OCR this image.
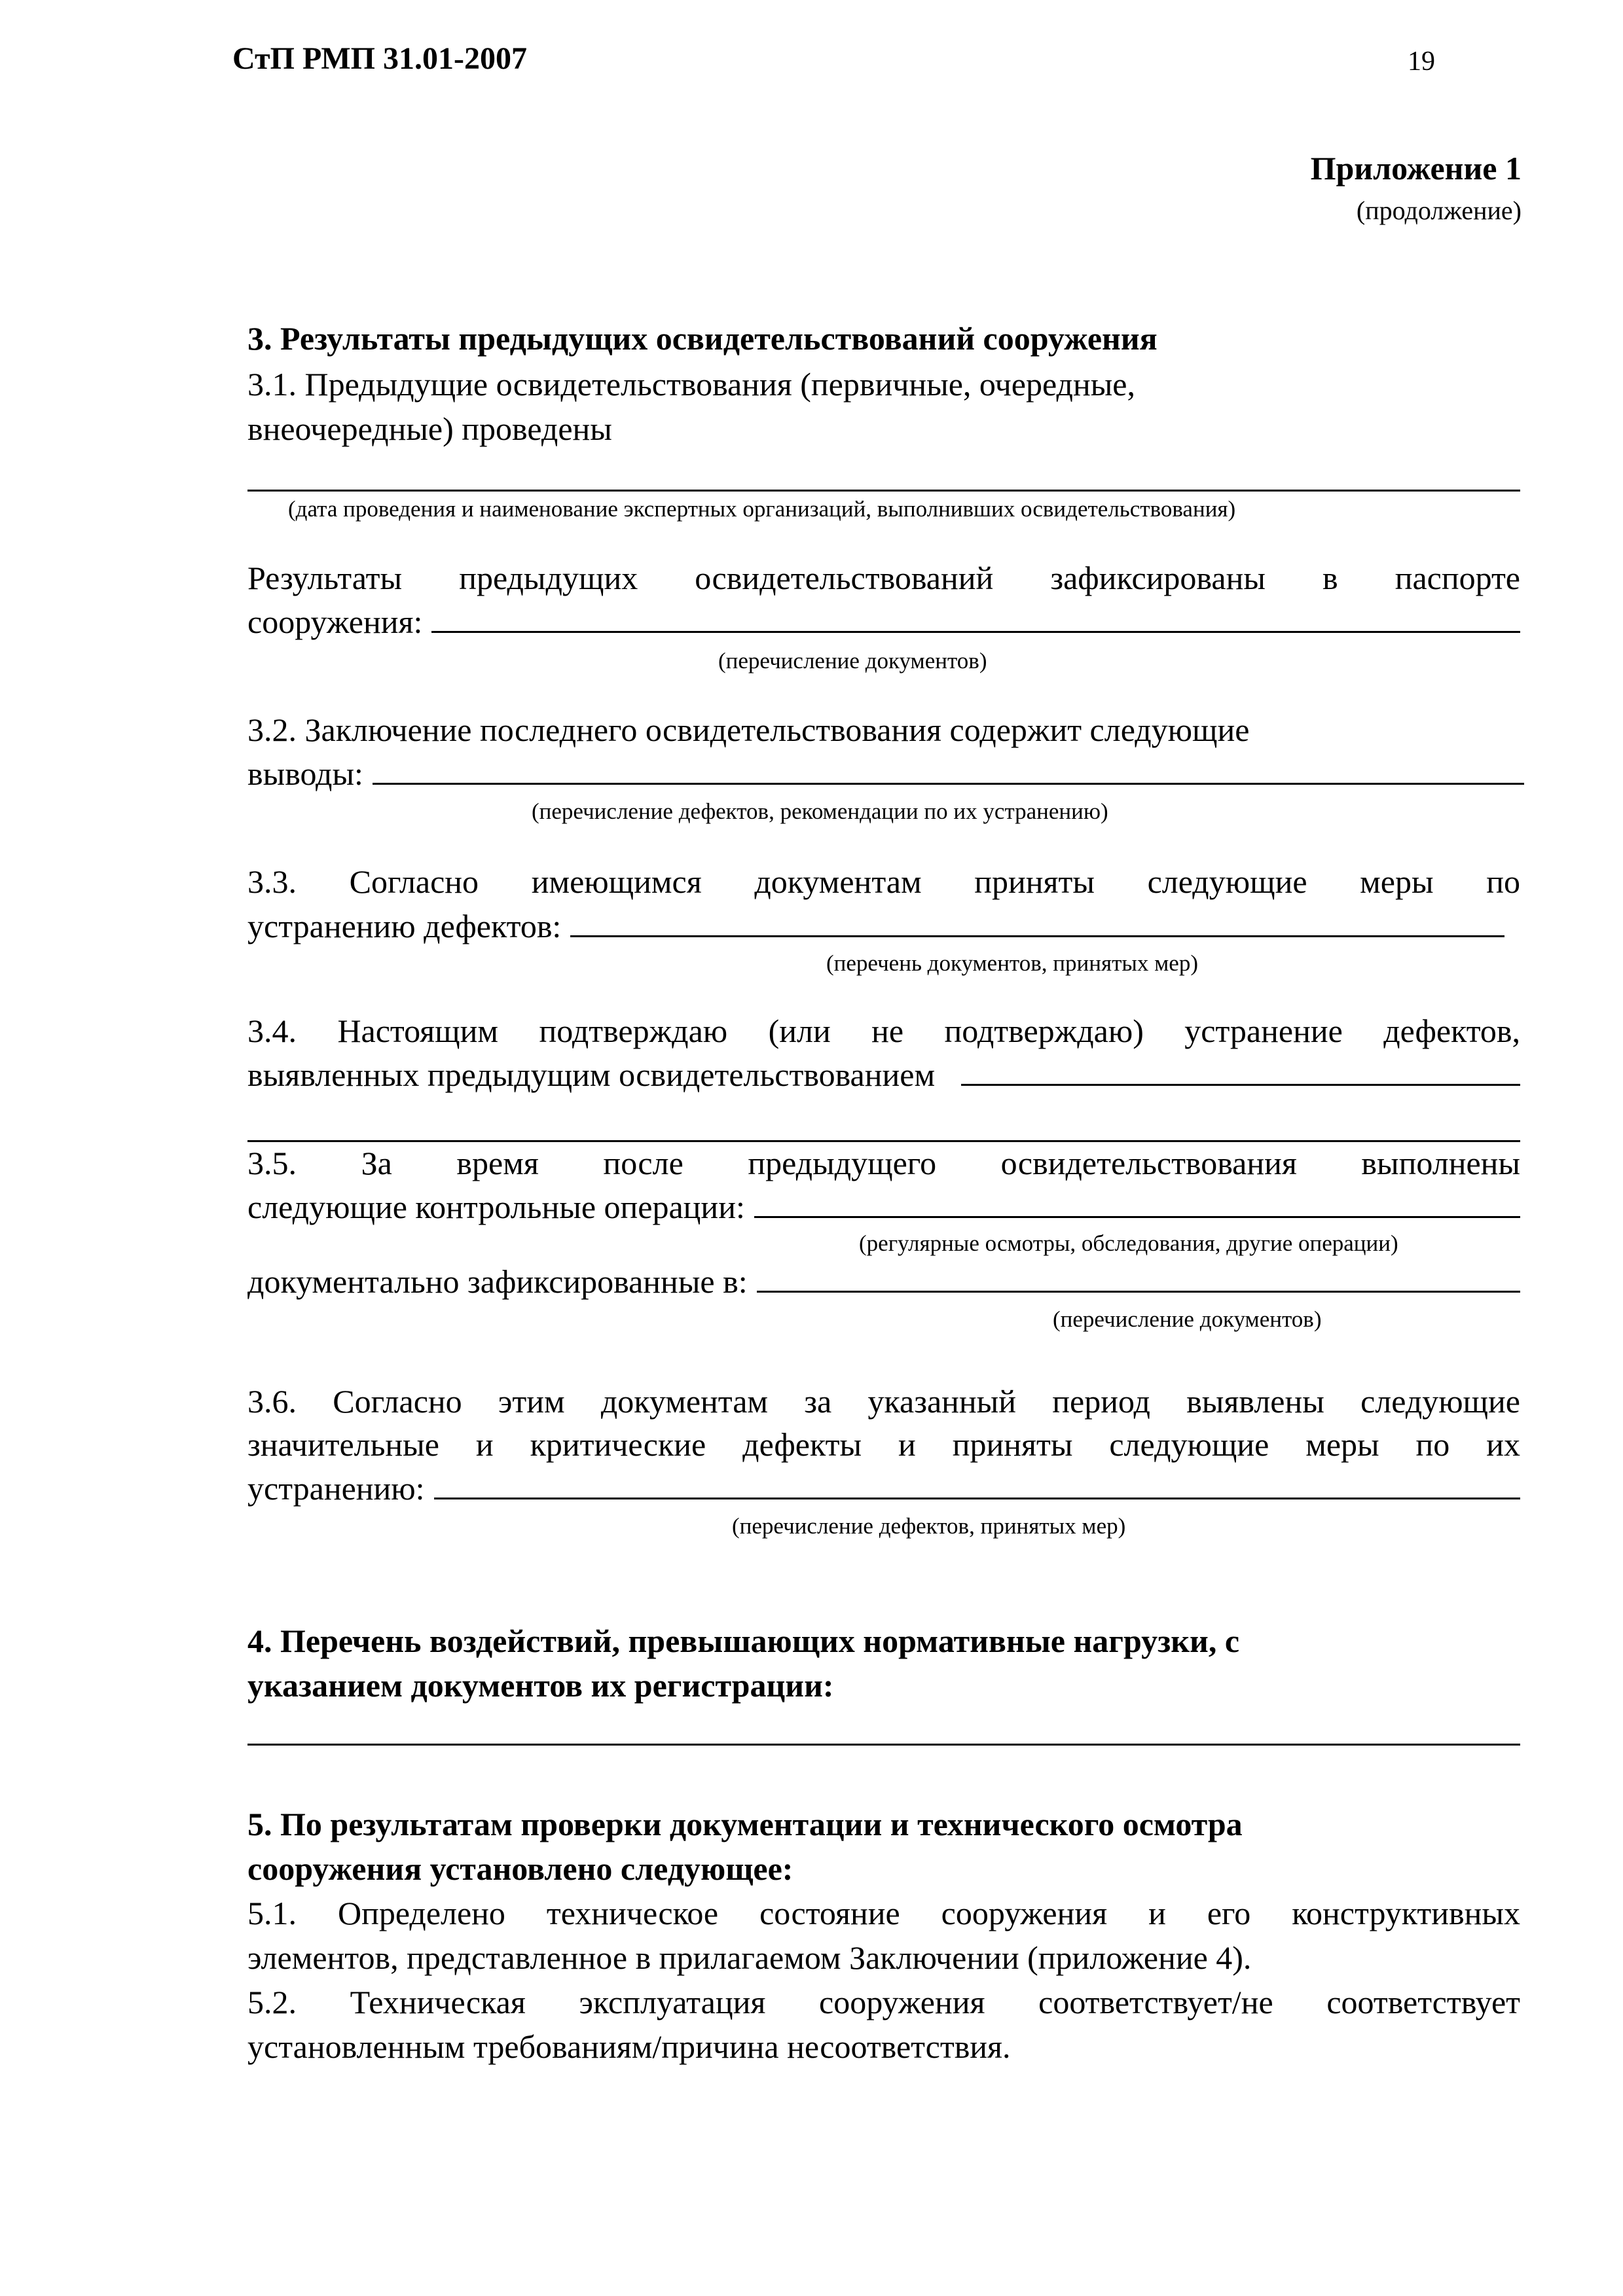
СтП РМП 31.01-2007	19
Приложение 1
(продолжение)
3. Результаты предыдущих освидетельствований сооружения
3.1. Предыдущие освидетельствования (первичные, очередные,
внеочередные) проведены
(дата проведения и наименование экспертных организаций, выполнивших освидетельствования)
Результаты предыдущих освидетельствований зафиксированы в паспорте
сооружения:
(перечисление документов)
3.2. Заключение последнего освидетельствования содержит следующие
выводы:
(перечисление дефектов, рекомендации по их устранению)
3.3. Согласно имеющимся документам приняты следующие меры по
устранению дефектов:
(перечень документов, принятых мер)
3.4. Настоящим подтверждаю (или не подтверждаю) устранение дефектов,
выявленных предыдущим освидетельствованием
3.5. За время после предыдущего освидетельствования выполнены
следующие контрольные операции:
(регулярные осмотры, обследования, другие операции)
документально зафиксированные в:
(перечисление документов)
3.6. Согласно этим документам за указанный период выявлены следующие
значительные и критические дефекты и приняты следующие меры по их
устранению:
(перечисление дефектов, принятых мер)
4. Перечень воздействий, превышающих нормативные нагрузки, с
указанием документов их регистрации:
5. По результатам проверки документации и технического осмотра
сооружения установлено следующее:
5.1. Определено техническое состояние сооружения и его конструктивных
элементов, представленное в прилагаемом Заключении (приложение 4).
5.2. Техническая эксплуатация сооружения соответствует/не соответствует
установленным требованиям/причина несоответствия.
